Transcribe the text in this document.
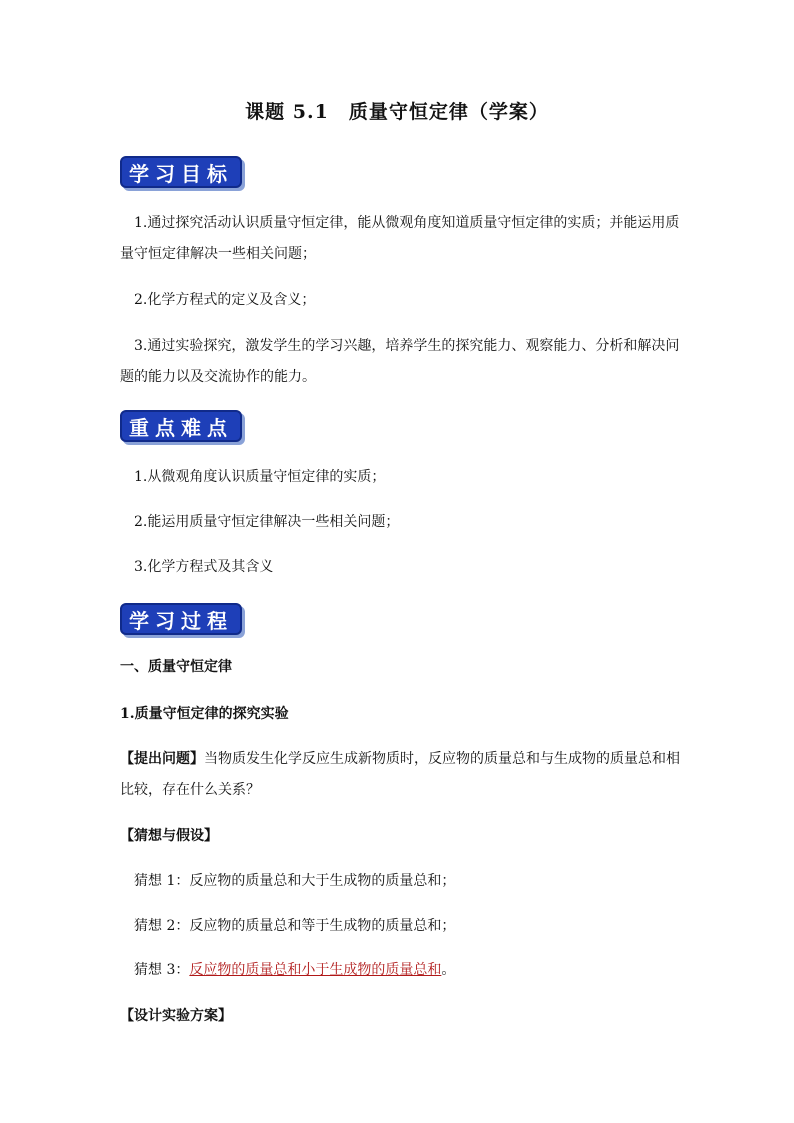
课题 5.1　质量守恒定律（学案）
学习目标
1.通过探究活动认识质量守恒定律，能从微观角度知道质量守恒定律的实质；并能运用质量守恒定律解决一些相关问题；
2.化学方程式的定义及含义；
3.通过实验探究，激发学生的学习兴趣，培养学生的探究能力、观察能力、分析和解决问题的能力以及交流协作的能力。
重点难点
1.从微观角度认识质量守恒定律的实质；
2.能运用质量守恒定律解决一些相关问题；
3.化学方程式及其含义
学习过程
一、质量守恒定律
1.质量守恒定律的探究实验
【提出问题】当物质发生化学反应生成新物质时，反应物的质量总和与生成物的质量总和相比较，存在什么关系？
【猜想与假设】
猜想 1：反应物的质量总和大于生成物的质量总和；
猜想 2：反应物的质量总和等于生成物的质量总和；
猜想 3：反应物的质量总和小于生成物的质量总和。
【设计实验方案】
